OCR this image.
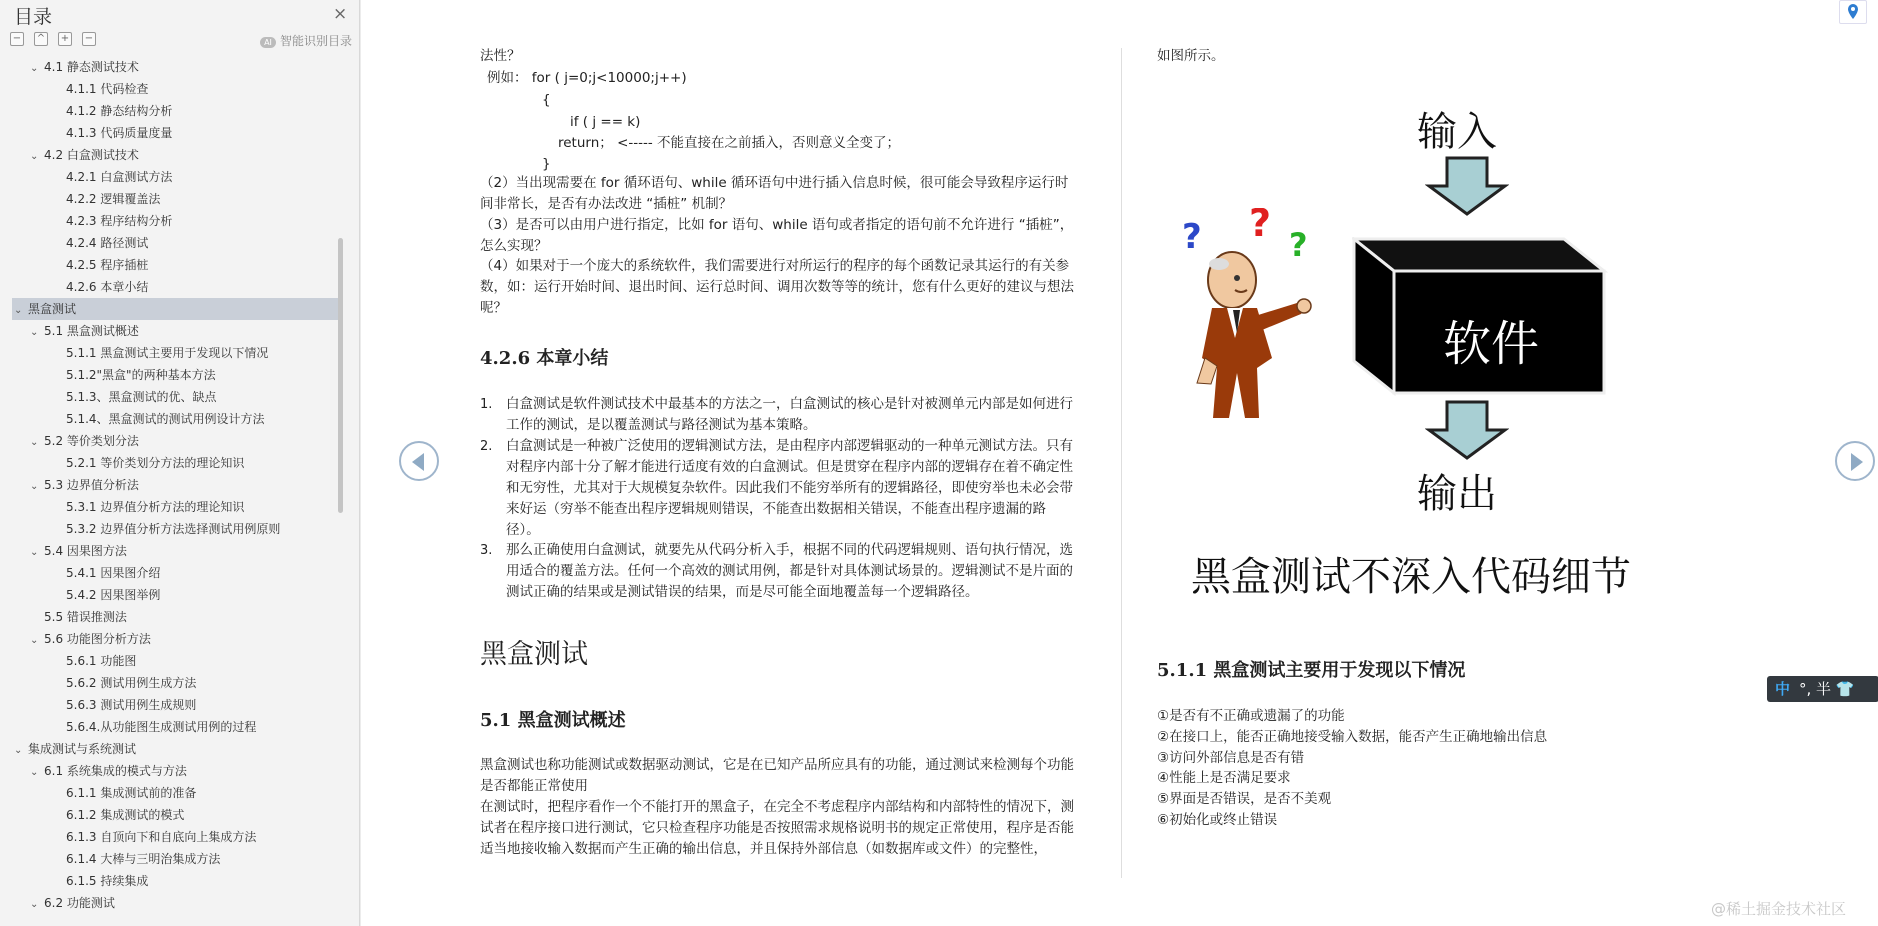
目录	×
− ^ + −	AI 智能识别目录
⌄ 4.1 静态测试技术
4.1.1 代码检查
4.1.2 静态结构分析
4.1.3 代码质量度量
⌄ 4.2 白盒测试技术
4.2.1 白盒测试方法
4.2.2 逻辑覆盖法
4.2.3 程序结构分析
4.2.4 路径测试
4.2.5 程序插桩
4.2.6 本章小结
⌄ 黑盒测试
⌄ 5.1 黑盒测试概述
5.1.1 黑盒测试主要用于发现以下情况
5.1.2"黑盒"的两种基本方法
5.1.3、黑盒测试的优、缺点
5.1.4、黑盒测试的测试用例设计方法
⌄ 5.2 等价类划分法
5.2.1 等价类划分方法的理论知识
⌄ 5.3 边界值分析法
5.3.1 边界值分析方法的理论知识
5.3.2 边界值分析方法选择测试用例原则
⌄ 5.4 因果图方法
5.4.1 因果图介绍
5.4.2 因果图举例
5.5 错误推测法
⌄ 5.6 功能图分析方法
5.6.1 功能图
5.6.2 测试用例生成方法
5.6.3 测试用例生成规则
5.6.4.从功能图生成测试用例的过程
⌄ 集成测试与系统测试
⌄ 6.1 系统集成的模式与方法
6.1.1 集成测试前的准备
6.1.2 集成测试的模式
6.1.3 自顶向下和自底向上集成方法
6.1.4 大棒与三明治集成方法
6.1.5 持续集成
⌄ 6.2 功能测试
法性？
例如： for ( j=0;j<10000;j++)
{
if ( j == k)
return； <----- 不能直接在之前插入，否则意义全变了；
}
（2）当出现需要在 for 循环语句、while 循环语句中进行插入信息时候，很可能会导致程序运行时间非常长，是否有办法改进 “插桩” 机制？
（3）是否可以由用户进行指定，比如 for 语句、while 语句或者指定的语句前不允许进行 “插桩”，怎么实现？
（4）如果对于一个庞大的系统软件，我们需要进行对所运行的程序的每个函数记录其运行的有关参数，如：运行开始时间、退出时间、运行总时间、调用次数等等的统计，您有什么更好的建议与想法呢？
4.2.6 本章小结
1. 白盒测试是软件测试技术中最基本的方法之一，白盒测试的核心是针对被测单元内部是如何进行工作的测试，是以覆盖测试与路径测试为基本策略。
2. 白盒测试是一种被广泛使用的逻辑测试方法，是由程序内部逻辑驱动的一种单元测试方法。只有对程序内部十分了解才能进行适度有效的白盒测试。但是贯穿在程序内部的逻辑存在着不确定性和无穷性，尤其对于大规模复杂软件。因此我们不能穷举所有的逻辑路径，即使穷举也未必会带来好运（穷举不能查出程序逻辑规则错误，不能查出数据相关错误，不能查出程序遗漏的路径）。
3. 那么正确使用白盒测试，就要先从代码分析入手，根据不同的代码逻辑规则、语句执行情况，选用适合的覆盖方法。任何一个高效的测试用例，都是针对具体测试场景的。逻辑测试不是片面的测试正确的结果或是测试错误的结果，而是尽可能全面地覆盖每一个逻辑路径。
黑盒测试
5.1 黑盒测试概述
黑盒测试也称功能测试或数据驱动测试，它是在已知产品所应具有的功能，通过测试来检测每个功能是否都能正常使用
在测试时，把程序看作一个不能打开的黑盒子，在完全不考虑程序内部结构和内部特性的情况下，测试者在程序接口进行测试，它只检查程序功能是否按照需求规格说明书的规定正常使用，程序是否能适当地接收输入数据而产生正确的输出信息，并且保持外部信息（如数据库或文件）的完整性，
如图所示。
5.1.1 黑盒测试主要用于发现以下情况
①是否有不正确或遗漏了的功能
②在接口上，能否正确地接受输入数据，能否产生正确地输出信息
③访问外部信息是否有错
④性能上是否满足要求
⑤界面是否错误，是否不美观
⑥初始化或终止错误
? ? ?
输入
软件
输出
黑盒测试不深入代码细节
中 °, 半 👕
@稀土掘金技术社区
